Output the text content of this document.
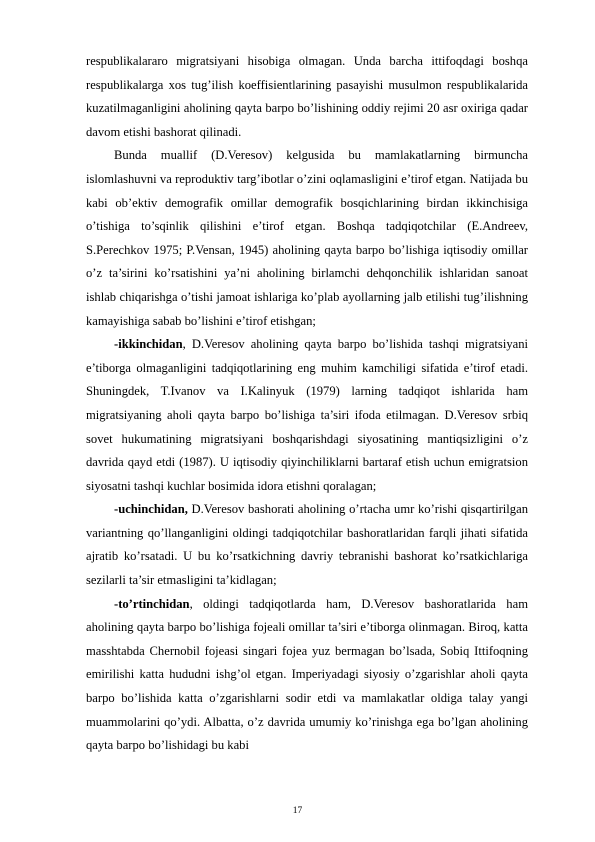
respublikalararo migratsiyani hisobiga olmagan. Unda barcha ittifoqdagi boshqa respublikalarga xos tug’ilish koeffisientlarining pasayishi musulmon respublikalarida kuzatilmaganligini aholining qayta barpo bo’lishining oddiy rejimi 20 asr oxiriga qadar davom etishi bashorat qilinadi.

Bunda muallif (D.Veresov) kelgusida bu mamlakatlarning birmuncha islomlashuvni va reproduktiv targ’ibotlar o’zini oqlamasligini e’tirof etgan. Natijada bu kabi ob’ektiv demografik omillar demografik bosqichlarining birdan ikkinchisiga o’tishiga to’sqinlik qilishini e’tirof etgan. Boshqa tadqiqotchilar (E.Andreev, S.Perechkov 1975; P.Vensan, 1945) aholining qayta barpo bo’lishiga iqtisodiy omillar o’z ta’sirini ko’rsatishini ya’ni aholining birlamchi dehqonchilik ishlaridan sanoat ishlab chiqarishga o’tishi jamoat ishlariga ko’plab ayollarning jalb etilishi tug’ilishning kamayishiga sabab bo’lishini e’tirof etishgan;

-ikkinchidan, D.Veresov aholining qayta barpo bo’lishida tashqi migratsiyani e’tiborga olmaganligini tadqiqotlarining eng muhim kamchiligi sifatida e’tirof etadi. Shuningdek, T.Ivanov va I.Kalinyuk (1979) larning tadqiqot ishlarida ham migratsiyaning aholi qayta barpo bo’lishiga ta’siri ifoda etilmagan. D.Veresov srbiq sovet hukumatining migratsiyani boshqarishdagi siyosatining mantiqsizligini o’z davrida qayd etdi (1987). U iqtisodiy qiyinchiliklarni bartaraf etish uchun emigratsion siyosatni tashqi kuchlar bosimida idora etishni qoralagan;

-uchinchidan, D.Veresov bashorati aholining o’rtacha umr ko’rishi qisqartirilgan variantning qo’llanganligini oldingi tadqiqotchilar bashoratlaridan farqli jihati sifatida ajratib ko’rsatadi. U bu ko’rsatkichning davriy tebranishi bashorat ko’rsatkichlariga sezilarli ta’sir etmasligini ta’kidlagan;

-to’rtinchidan, oldingi tadqiqotlarda ham, D.Veresov bashoratlarida ham aholining qayta barpo bo’lishiga fojeali omillar ta’siri e’tiborga olinmagan. Biroq, katta masshtabda Chernobil fojeasi singari fojea yuz bermagan bo’lsada, Sobiq Ittifoqning emirilishi katta hududni ishg’ol etgan. Imperiyadagi siyosiy o’zgarishlar aholi qayta barpo bo’lishida katta o’zgarishlarni sodir etdi va mamlakatlar oldiga talay yangi muammolarini qo’ydi. Albatta, o’z davrida umumiy ko’rinishga ega bo’lgan aholining qayta barpo bo’lishidagi bu kabi

17
